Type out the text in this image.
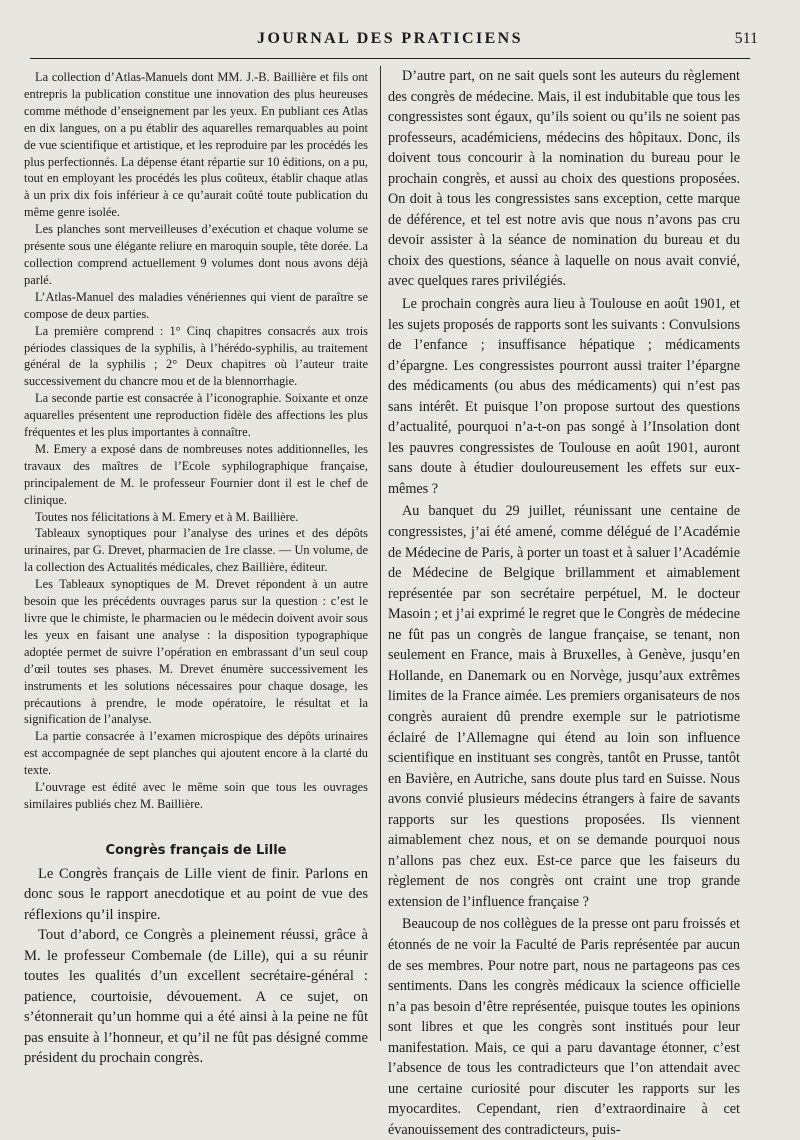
JOURNAL DES PRATICIENS	511

La collection d’Atlas-Manuels dont MM. J.-B. Baillière et fils ont entrepris la publication constitue une innovation des plus heureuses comme méthode d’enseignement par les yeux. En publiant ces Atlas en dix langues, on a pu établir des aquarelles remarquables au point de vue scientifique et artistique, et les reproduire par les procédés les plus perfectionnés. La dépense étant répartie sur 10 éditions, on a pu, tout en employant les procédés les plus coûteux, établir chaque atlas à un prix dix fois inférieur à ce qu’aurait coûté toute publication du même genre isolée.

Les planches sont merveilleuses d’exécution et chaque volume se présente sous une élégante reliure en maroquin souple, tête dorée. La collection comprend actuellement 9 volumes dont nous avons déjà parlé.

L’Atlas-Manuel des maladies vénériennes qui vient de paraître se compose de deux parties.

La première comprend : 1° Cinq chapitres consacrés aux trois périodes classiques de la syphilis, à l’hérédo-syphilis, au traitement général de la syphilis ; 2° Deux chapitres où l’auteur traite successivement du chancre mou et de la blennorrhagie.

La seconde partie est consacrée à l’iconographie. Soixante et onze aquarelles présentent une reproduction fidèle des affections les plus fréquentes et les plus importantes à connaître.

M. Emery a exposé dans de nombreuses notes additionnelles, les travaux des maîtres de l’Ecole syphilographique française, principalement de M. le professeur Fournier dont il est le chef de clinique.

Toutes nos félicitations à M. Emery et à M. Baillière.

Tableaux synoptiques pour l’analyse des urines et des dépôts urinaires, par G. Drevet, pharmacien de 1re classe. — Un volume, de la collection des Actualités médicales, chez Baillière, éditeur.

Les Tableaux synoptiques de M. Drevet répondent à un autre besoin que les précédents ouvrages parus sur la question : c’est le livre que le chimiste, le pharmacien ou le médecin doivent avoir sous les yeux en faisant une analyse : la disposition typographique adoptée permet de suivre l’opération en embrassant d’un seul coup d’œil toutes ses phases. M. Drevet énumère successivement les instruments et les solutions nécessaires pour chaque dosage, les précautions à prendre, le mode opératoire, le résultat et la signification de l’analyse.

La partie consacrée à l’examen microspique des dépôts urinaires est accompagnée de sept planches qui ajoutent encore à la clarté du texte.

L’ouvrage est édité avec le même soin que tous les ouvrages similaires publiés chez M. Baillière.

Congrès français de Lille

Le Congrès français de Lille vient de finir. Parlons en donc sous le rapport anecdotique et au point de vue des réflexions qu’il inspire.

Tout d’abord, ce Congrès a pleinement réussi, grâce à M. le professeur Combemale (de Lille), qui a su réunir toutes les qualités d’un excellent secrétaire-général : patience, courtoisie, dévouement. A ce sujet, on s’étonnerait qu’un homme qui a été ainsi à la peine ne fût pas ensuite à l’honneur, et qu’il ne fût pas désigné comme président du prochain congrès.

D’autre part, on ne sait quels sont les auteurs du règlement des congrès de médecine. Mais, il est indubitable que tous les congressistes sont égaux, qu’ils soient ou qu’ils ne soient pas professeurs, académiciens, médecins des hôpitaux. Donc, ils doivent tous concourir à la nomination du bureau pour le prochain congrès, et aussi au choix des questions proposées. On doit à tous les congressistes sans exception, cette marque de déférence, et tel est notre avis que nous n’avons pas cru devoir assister à la séance de nomination du bureau et du choix des questions, séance à laquelle on nous avait convié, avec quelques rares privilégiés.

Le prochain congrès aura lieu à Toulouse en août 1901, et les sujets proposés de rapports sont les suivants : Convulsions de l’enfance ; insuffisance hépatique ; médicaments d’épargne. Les congressistes pourront aussi traiter l’épargne des médicaments (ou abus des médicaments) qui n’est pas sans intérêt. Et puisque l’on propose surtout des questions d’actualité, pourquoi n’a-t-on pas songé à l’Insolation dont les pauvres congressistes de Toulouse en août 1901, auront sans doute à étudier douloureusement les effets sur eux-mêmes ?

Au banquet du 29 juillet, réunissant une centaine de congressistes, j’ai été amené, comme délégué de l’Académie de Médecine de Paris, à porter un toast et à saluer l’Académie de Médecine de Belgique brillamment et aimablement représentée par son secrétaire perpétuel, M. le docteur Masoin ; et j’ai exprimé le regret que le Congrès de médecine ne fût pas un congrès de langue française, se tenant, non seulement en France, mais à Bruxelles, à Genève, jusqu’en Hollande, en Danemark ou en Norvège, jusqu’aux extrêmes limites de la France aimée. Les premiers organisateurs de nos congrès auraient dû prendre exemple sur le patriotisme éclairé de l’Allemagne qui étend au loin son influence scientifique en instituant ses congrès, tantôt en Prusse, tantôt en Bavière, en Autriche, sans doute plus tard en Suisse. Nous avons convié plusieurs médecins étrangers à faire de savants rapports sur les questions proposées. Ils viennent aimablement chez nous, et on se demande pourquoi nous n’allons pas chez eux. Est-ce parce que les faiseurs du règlement de nos congrès ont craint une trop grande extension de l’influence française ?

Beaucoup de nos collègues de la presse ont paru froissés et étonnés de ne voir la Faculté de Paris représentée par aucun de ses membres. Pour notre part, nous ne partageons pas ces sentiments. Dans les congrès médicaux la science officielle n’a pas besoin d’être représentée, puisque toutes les opinions sont libres et que les congrès sont institués pour leur manifestation. Mais, ce qui a paru davantage étonner, c’est l’absence de tous les contradicteurs que l’on attendait avec une certaine curiosité pour discuter les rapports sur les myocardites. Cependant, rien d’extraordinaire à cet évanouissement des contradicteurs, puis-
